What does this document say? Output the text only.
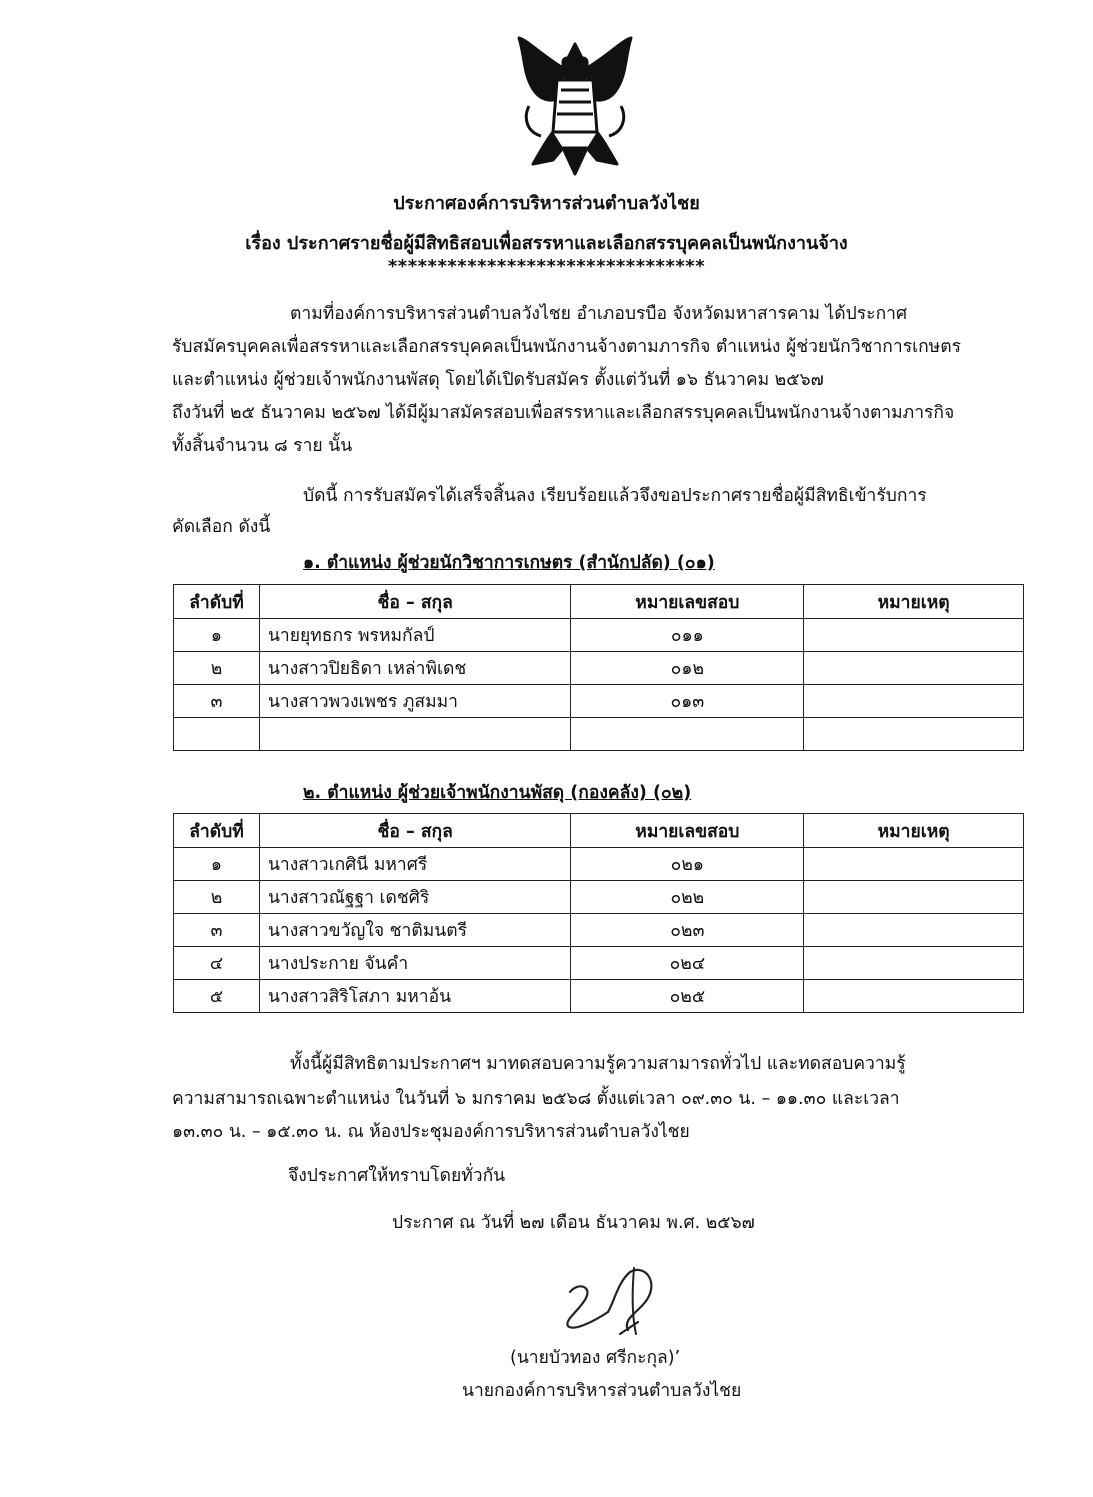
ประกาศองค์การบริหารส่วนตำบลวังไชย
เรื่อง ประกาศรายชื่อผู้มีสิทธิสอบเพื่อสรรหาและเลือกสรรบุคคลเป็นพนักงานจ้าง
********************************
ตามที่องค์การบริหารส่วนตำบลวังไชย อำเภอบรบือ จังหวัดมหาสารคาม ได้ประกาศ
รับสมัครบุคคลเพื่อสรรหาและเลือกสรรบุคคลเป็นพนักงานจ้างตามภารกิจ ตำแหน่ง ผู้ช่วยนักวิชาการเกษตร
และตำแหน่ง ผู้ช่วยเจ้าพนักงานพัสดุ โดยได้เปิดรับสมัคร ตั้งแต่วันที่ ๑๖ ธันวาคม ๒๕๖๗
ถึงวันที่ ๒๕ ธันวาคม ๒๕๖๗ ได้มีผู้มาสมัครสอบเพื่อสรรหาและเลือกสรรบุคคลเป็นพนักงานจ้างตามภารกิจ
ทั้งสิ้นจำนวน ๘ ราย นั้น
บัดนี้ การรับสมัครได้เสร็จสิ้นลง เรียบร้อยแล้วจึงขอประกาศรายชื่อผู้มีสิทธิเข้ารับการ
คัดเลือก ดังนี้
๑. ตำแหน่ง ผู้ช่วยนักวิชาการเกษตร (สำนักปลัด) (๐๑)
ลำดับที่	ชื่อ – สกุล	หมายเลขสอบ	หมายเหตุ
๑	นายยุทธกร พรหมกัลป์	๐๑๑	
๒	นางสาวปิยธิดา เหล่าพิเดช	๐๑๒	
๓	นางสาวพวงเพชร ภูสมมา	๐๑๓	

๒. ตำแหน่ง ผู้ช่วยเจ้าพนักงานพัสดุ (กองคลัง) (๐๒)
ลำดับที่	ชื่อ – สกุล	หมายเลขสอบ	หมายเหตุ
๑	นางสาวเกศินี มหาศรี	๐๒๑	
๒	นางสาวณัฐฐา เดชศิริ	๐๒๒	
๓	นางสาวขวัญใจ ชาติมนตรี	๐๒๓	
๔	นางประกาย จันคำ	๐๒๔	
๕	นางสาวสิริโสภา มหาอ้น	๐๒๕	
ทั้งนี้ผู้มีสิทธิตามประกาศฯ มาทดสอบความรู้ความสามารถทั่วไป และทดสอบความรู้
ความสามารถเฉพาะตำแหน่ง ในวันที่ ๖ มกราคม ๒๕๖๘ ตั้งแต่เวลา ๐๙.๓๐ น. – ๑๑.๓๐ และเวลา
๑๓.๓๐ น. – ๑๕.๓๐ น. ณ ห้องประชุมองค์การบริหารส่วนตำบลวังไชย
จึงประกาศให้ทราบโดยทั่วกัน
ประกาศ ณ วันที่ ๒๗ เดือน ธันวาคม พ.ศ. ๒๕๖๗
(นายบัวทอง ศรีกะกุล)’
นายกองค์การบริหารส่วนตำบลวังไชย
